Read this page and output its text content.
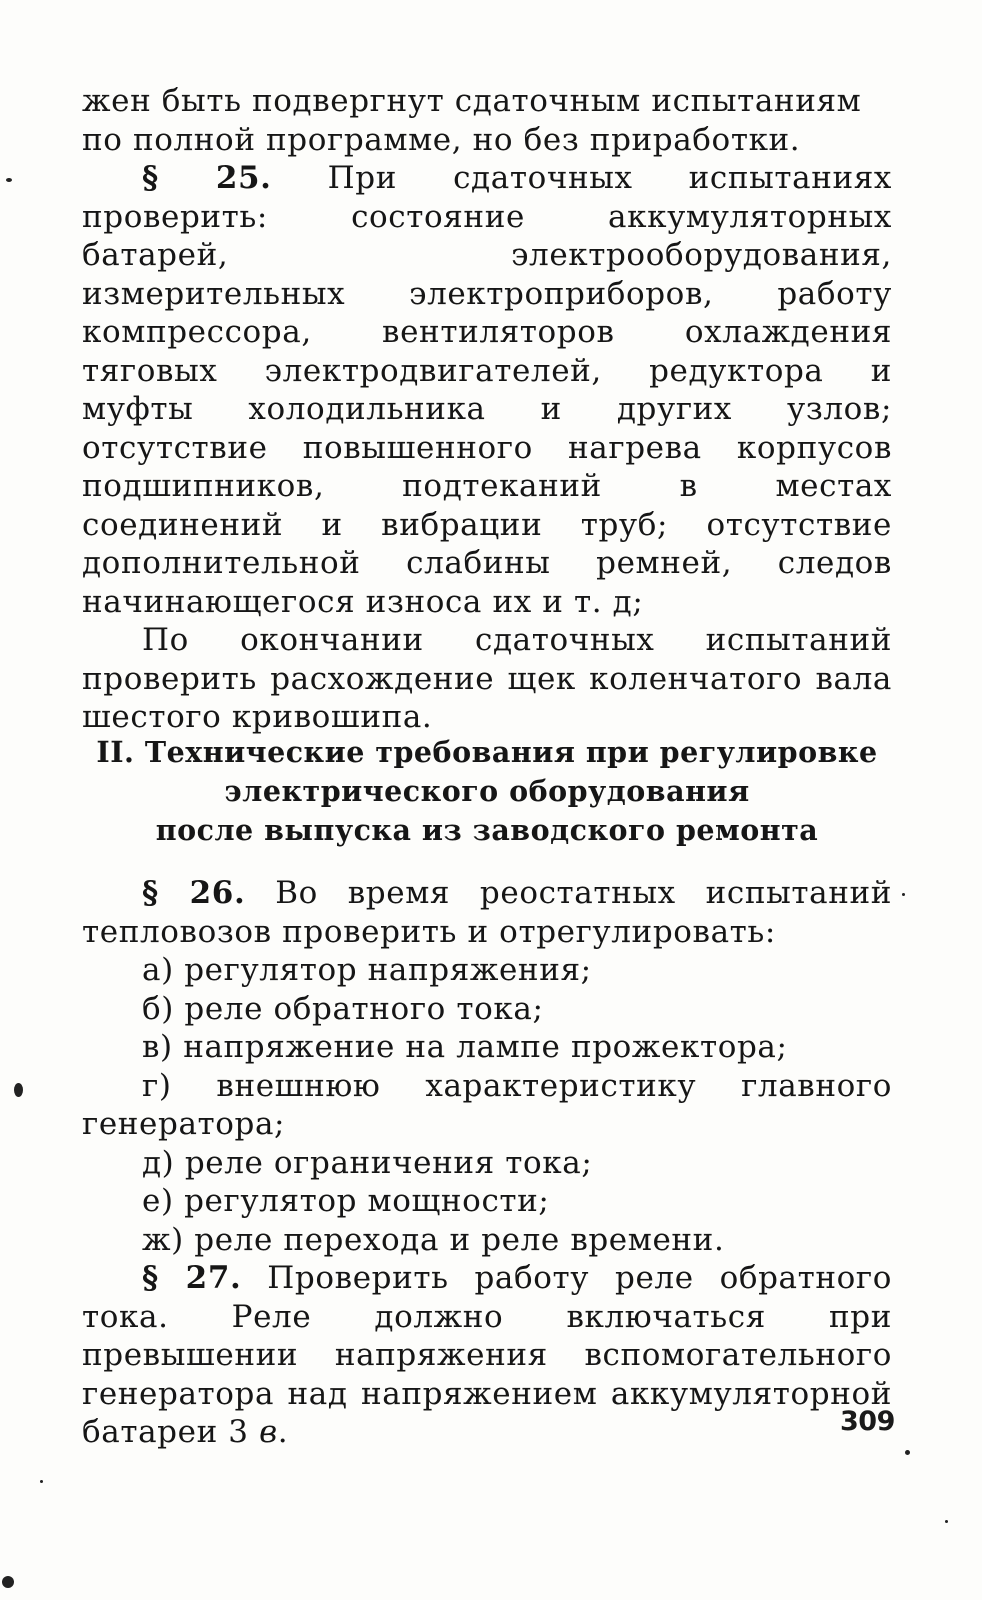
жен быть подвергнут сдаточным испытаниям
по полной программе, но без приработки.

§ 25. При сдаточных испытаниях проверить: состояние аккумуляторных батарей, электрооборудования, измерительных электроприборов, работу компрессора, вентиляторов охлаждения тяговых электродвигателей, редуктора и муфты холодильника и других узлов; отсутствие повышенного нагрева корпусов подшипников, подтеканий в местах соединений и вибрации труб; отсутствие дополнительной слабины ремней, следов начинающегося износа их и т. д;

По окончании сдаточных испытаний проверить расхождение щек коленчатого вала шестого кривошипа.

II. Технические требования при регулировке
электрического оборудования
после выпуска из заводского ремонта

§ 26. Во время реостатных испытаний тепловозов проверить и отрегулировать:

а) регулятор напряжения;

б) реле обратного тока;

в) напряжение на лампе прожектора;

г) внешнюю характеристику главного генератора;

д) реле ограничения тока;

е) регулятор мощности;

ж) реле перехода и реле времени.

§ 27. Проверить работу реле обратного тока. Реле должно включаться при превышении напряжения вспомогательного генератора над напряжением аккумуляторной батареи 3 в.	309
